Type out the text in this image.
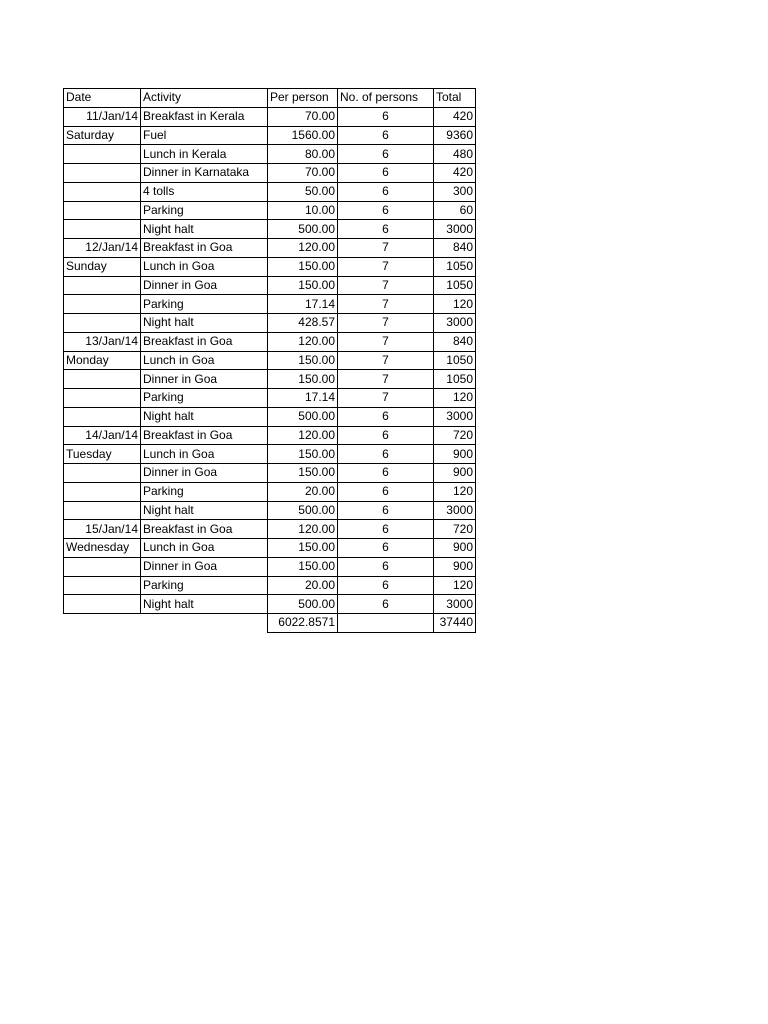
Date	Activity	Per person	No. of persons	Total
11/Jan/14	Breakfast in Kerala	70.00	6	420
Saturday	Fuel	1560.00	6	9360
	Lunch in Kerala	80.00	6	480
	Dinner in Karnataka	70.00	6	420
	4 tolls	50.00	6	300
	Parking	10.00	6	60
	Night halt	500.00	6	3000
12/Jan/14	Breakfast in Goa	120.00	7	840
Sunday	Lunch in Goa	150.00	7	1050
	Dinner in Goa	150.00	7	1050
	Parking	17.14	7	120
	Night halt	428.57	7	3000
13/Jan/14	Breakfast in Goa	120.00	7	840
Monday	Lunch in Goa	150.00	7	1050
	Dinner in Goa	150.00	7	1050
	Parking	17.14	7	120
	Night halt	500.00	6	3000
14/Jan/14	Breakfast in Goa	120.00	6	720
Tuesday	Lunch in Goa	150.00	6	900
	Dinner in Goa	150.00	6	900
	Parking	20.00	6	120
	Night halt	500.00	6	3000
15/Jan/14	Breakfast in Goa	120.00	6	720
Wednesday	Lunch in Goa	150.00	6	900
	Dinner in Goa	150.00	6	900
	Parking	20.00	6	120
	Night halt	500.00	6	3000
		6022.8571		37440
